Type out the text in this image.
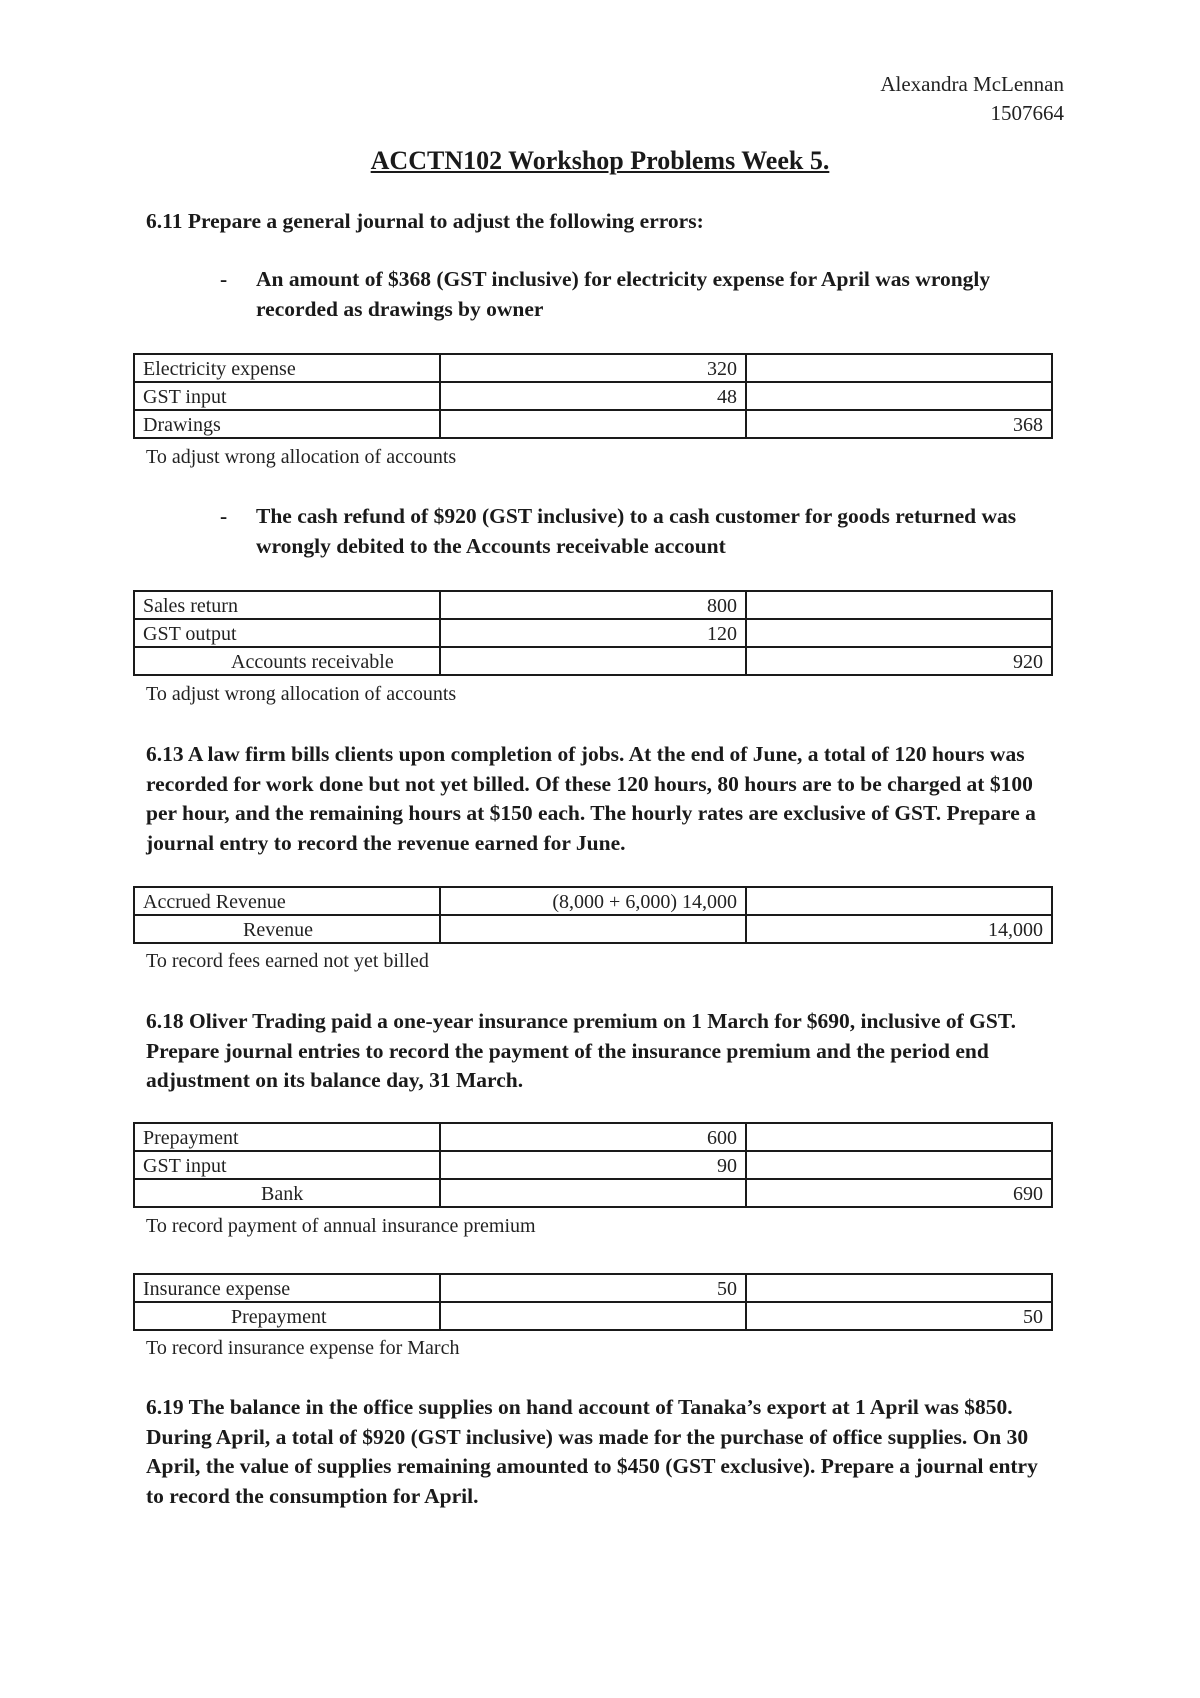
Alexandra McLennan
1507664
ACCTN102 Workshop Problems Week 5.

6.11 Prepare a general journal to adjust the following errors:

- An amount of $368 (GST inclusive) for electricity expense for April was wrongly recorded as drawings by owner
Electricity expense	320	
GST input	48	
Drawings		368

To adjust wrong allocation of accounts

- The cash refund of $920 (GST inclusive) to a cash customer for goods returned was wrongly debited to the Accounts receivable account
Sales return	800	
GST output	120	
Accounts receivable		920

To adjust wrong allocation of accounts

6.13 A law firm bills clients upon completion of jobs. At the end of June, a total of 120 hours was recorded for work done but not yet billed. Of these 120 hours, 80 hours are to be charged at $100 per hour, and the remaining hours at $150 each. The hourly rates are exclusive of GST. Prepare a journal entry to record the revenue earned for June.

Accrued Revenue	(8,000 + 6,000) 14,000	
Revenue		14,000

To record fees earned not yet billed

6.18 Oliver Trading paid a one-year insurance premium on 1 March for $690, inclusive of GST. Prepare journal entries to record the payment of the insurance premium and the period end adjustment on its balance day, 31 March.

Prepayment	600	
GST input	90	
Bank		690

To record payment of annual insurance premium

Insurance expense	50	
Prepayment		50

To record insurance expense for March

6.19 The balance in the office supplies on hand account of Tanaka’s export at 1 April was $850. During April, a total of $920 (GST inclusive) was made for the purchase of office supplies. On 30 April, the value of supplies remaining amounted to $450 (GST exclusive). Prepare a journal entry to record the consumption for April.
